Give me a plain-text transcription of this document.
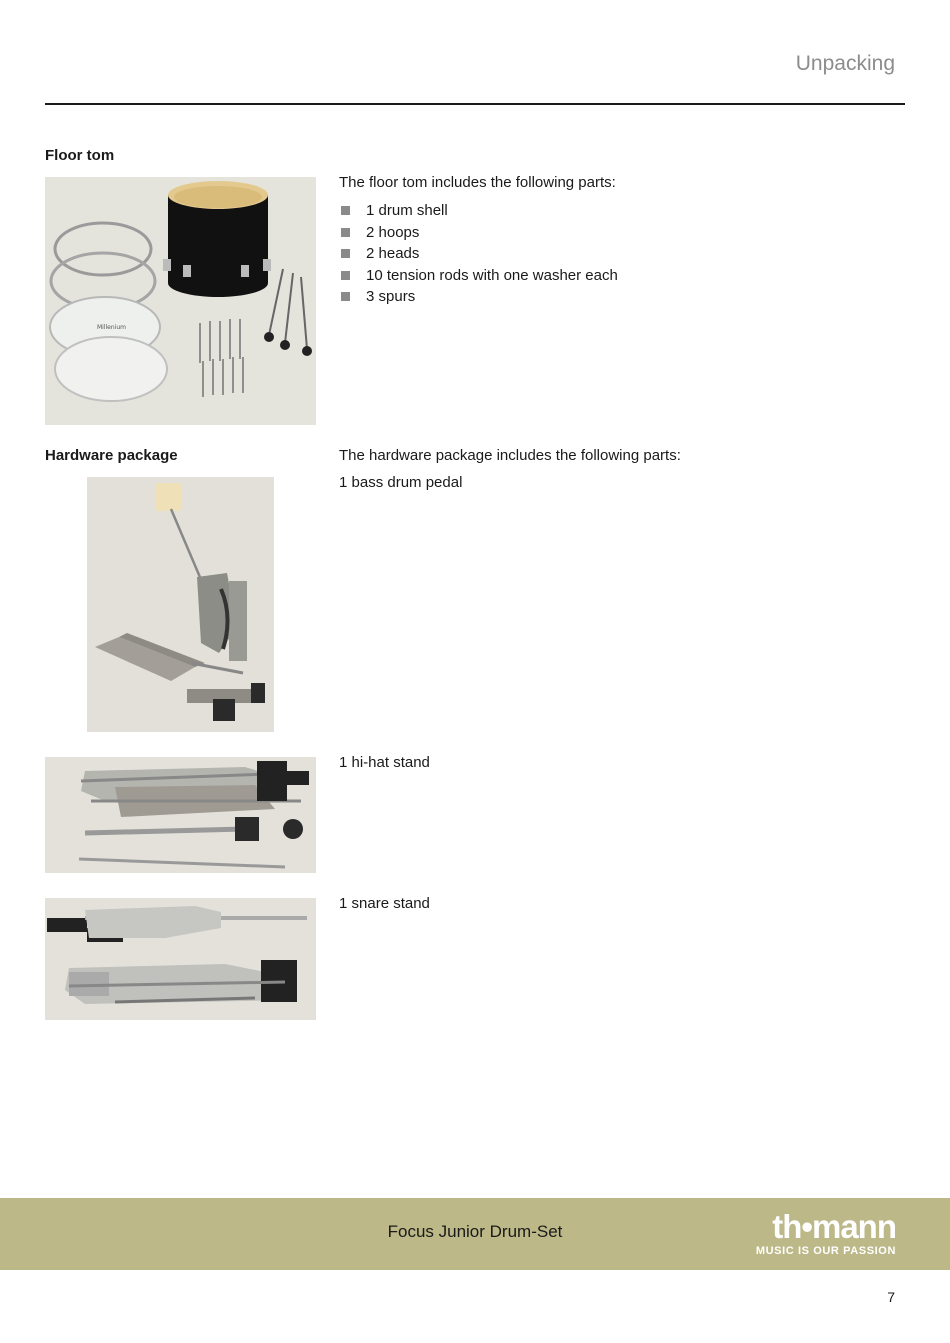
Unpacking
Floor tom
Millenium
The floor tom includes the following parts:
1 drum shell
2 hoops
2 heads
10 tension rods with one washer each
3 spurs
Hardware package	The hardware package includes the following parts:
1 bass drum pedal
1 hi-hat stand
1 snare stand
Focus Junior Drum-Set	th•mann
MUSIC IS OUR PASSION
7
